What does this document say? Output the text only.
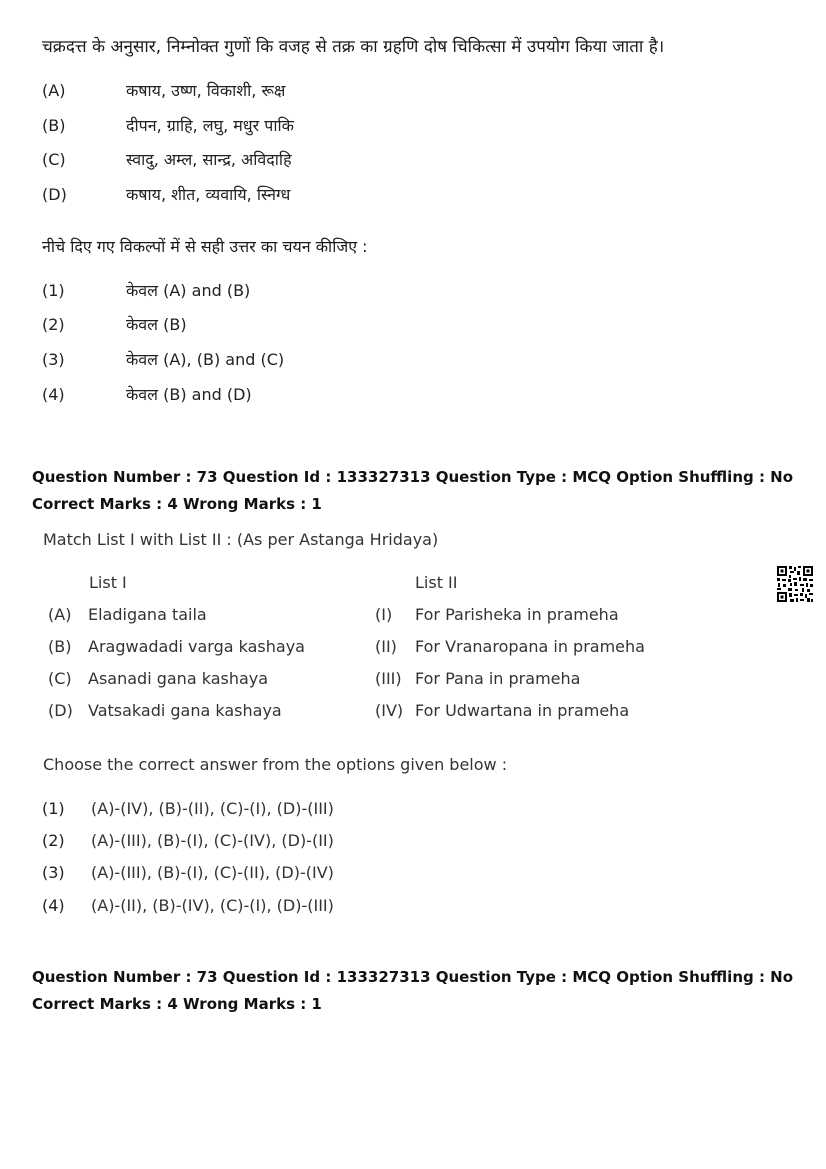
चक्रदत्त के अनुसार, निम्नोक्त गुणों कि वजह से तक्र का ग्रहणि दोष चिकित्सा में उपयोग किया जाता है।
(A)	कषाय, उष्ण, विकाशी, रूक्ष
(B)	दीपन, ग्राहि, लघु, मधुर पाकि
(C)	स्वादु, अम्ल, सान्द्र, अविदाहि
(D)	कषाय, शीत, व्यवायि, स्निग्ध
नीचे दिए गए विकल्पों में से सही उत्तर का चयन कीजिए :
(1)	केवल (A) and (B)
(2)	केवल (B)
(3)	केवल (A), (B) and (C)
(4)	केवल (B) and (D)
Question Number : 73 Question Id : 133327313 Question Type : MCQ Option Shuffling : No
Correct Marks : 4 Wrong Marks : 1
Match List I with List II : (As per Astanga Hridaya)
List I	List II
(A) Eladigana taila	(I) For Parisheka in prameha
(B) Aragwadadi varga kashaya	(II) For Vranaropana in prameha
(C) Asanadi gana kashaya	(III) For Pana in prameha
(D) Vatsakadi gana kashaya	(IV) For Udwartana in prameha
Choose the correct answer from the options given below :
(1)	(A)-(IV), (B)-(II), (C)-(I), (D)-(III)
(2)	(A)-(III), (B)-(I), (C)-(IV), (D)-(II)
(3)	(A)-(III), (B)-(I), (C)-(II), (D)-(IV)
(4)	(A)-(II), (B)-(IV), (C)-(I), (D)-(III)
Question Number : 73 Question Id : 133327313 Question Type : MCQ Option Shuffling : No
Correct Marks : 4 Wrong Marks : 1
